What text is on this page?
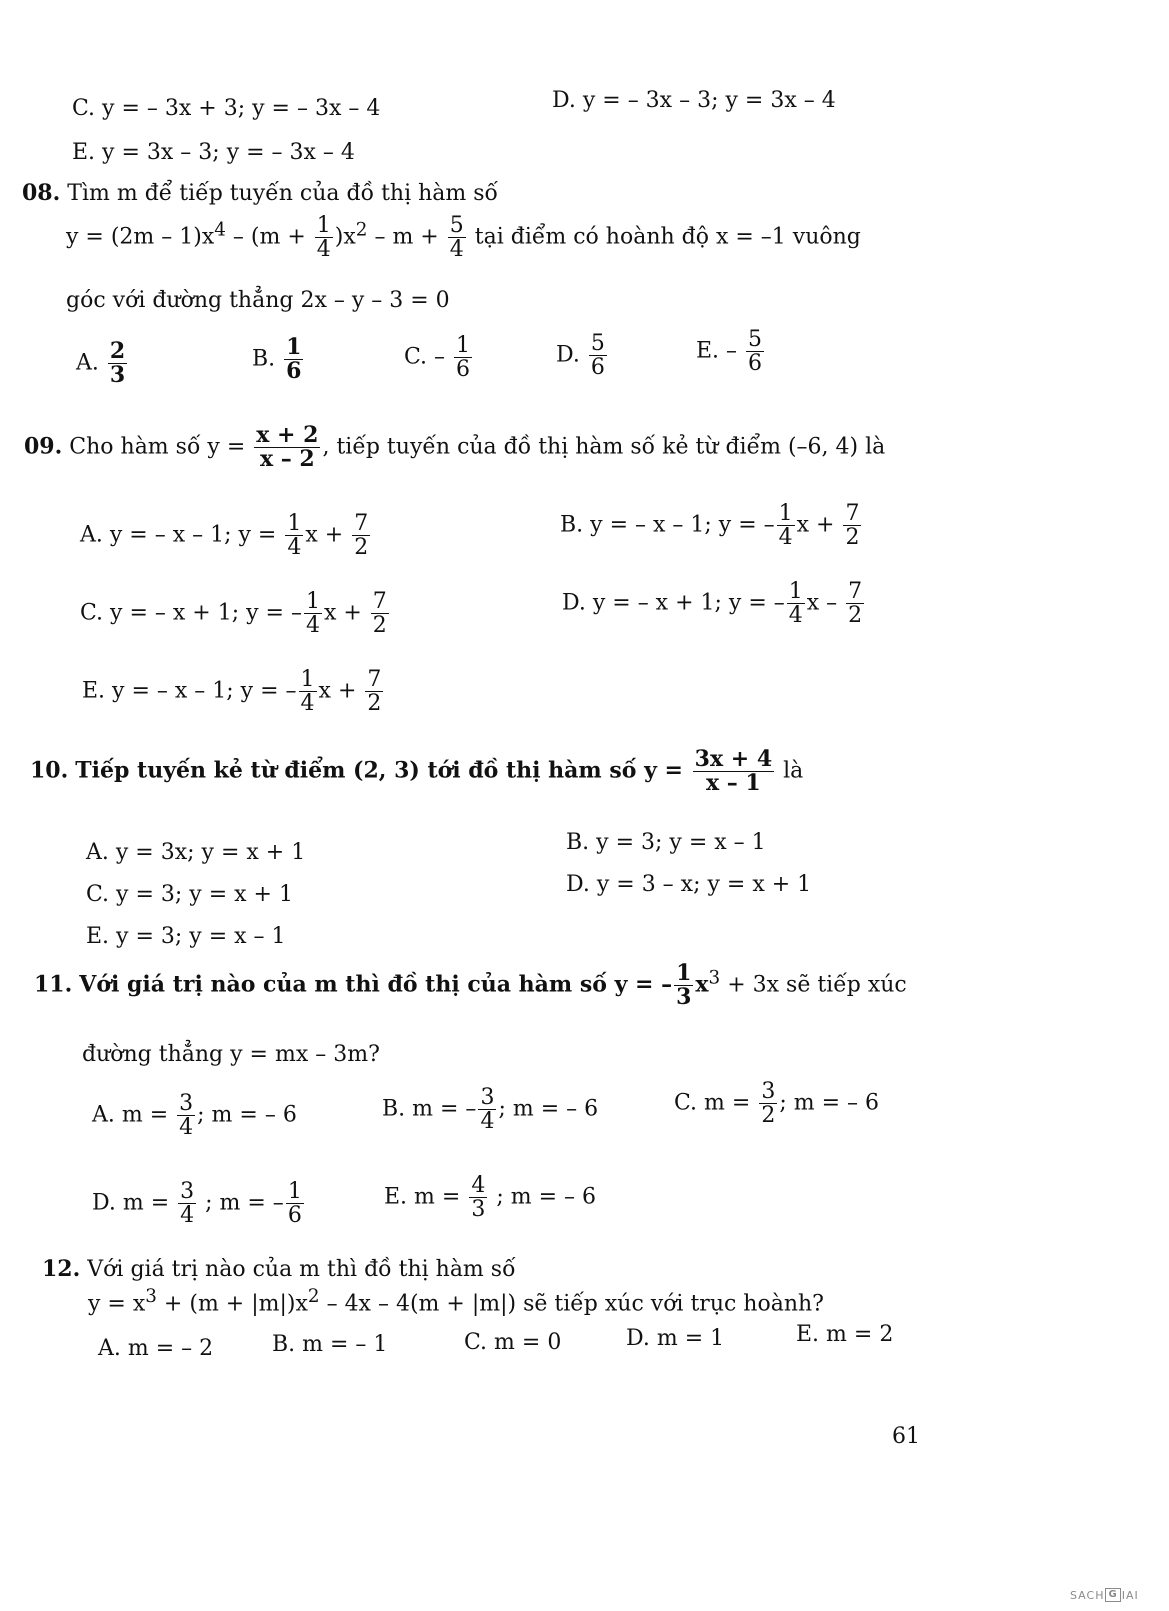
C. y = – 3x + 3; y = – 3x – 4	D. y = – 3x – 3; y = 3x – 4
E. y = 3x – 3; y = – 3x – 4
08. Tìm m để tiếp tuyến của đồ thị hàm số
$y = (2m - 1)x^4 - (m + \frac{1}{4} )x^2 - m + \frac{5}{4}$ tại điểm có hoành độ x = –1 vuông
góc với đường thẳng 2x – y – 3 = 0
A. $\frac{2}{3}$	B. $\frac{1}{6}$	C. – $\frac{1}{6}$	D. $\frac{5}{6}$	E. – $\frac{5}{6}$
09. Cho hàm số $y = \frac{x + 2}{x - 2}$ , tiếp tuyến của đồ thị hàm số kẻ từ điểm (–6, 4) là
A. y = – x – 1; $y = \frac{1}{4}$ $x + \frac{7}{2}$	B. y = – x – 1; y = – $\frac{1}{4}$ $x + \frac{7}{2}$
C. y = – x + 1; y = – $\frac{1}{4}$ $x + \frac{7}{2}$	D. y = – x + 1; y = – $\frac{1}{4}$ x – $\frac{7}{2}$
E. y = – x – 1; y = – $\frac{1}{4}$ $x + \frac{7}{2}$
10. Tiếp tuyến kẻ từ điểm (2, 3) tới đồ thị hàm số $y = \frac{3x + 4}{x - 1}$ là
A. y = 3x; y = x + 1	B. y = 3; y = x – 1
C. y = 3; y = x + 1	D. y = 3 – x; y = x + 1
E. y = 3; y = x – 1
11. Với giá trị nào của m thì đồ thị của hàm số y = – $\frac{1}{3} x^3 + 3x$ sẽ tiếp xúc
đường thẳng y = mx – 3m?
A. $m = \frac{3}{4}$ ; m = – 6	B. m = – $\frac{3}{4}$ ; m = – 6	C. $m = \frac{3}{2}$ ; m = – 6
D. $m = \frac{3}{4}$ ; m = – $\frac{1}{6}$	E. $m = \frac{4}{3}$ ; m = – 6
12. Với giá trị nào của m thì đồ thị hàm số
$y = x^3 + (m + |m|)x^2 - 4x - 4(m + |m|)$ sẽ tiếp xúc với trục hoành?
A. m = – 2	B. m = – 1	C. m = 0	D. m = 1	E. m = 2
61
SACH G IAI
